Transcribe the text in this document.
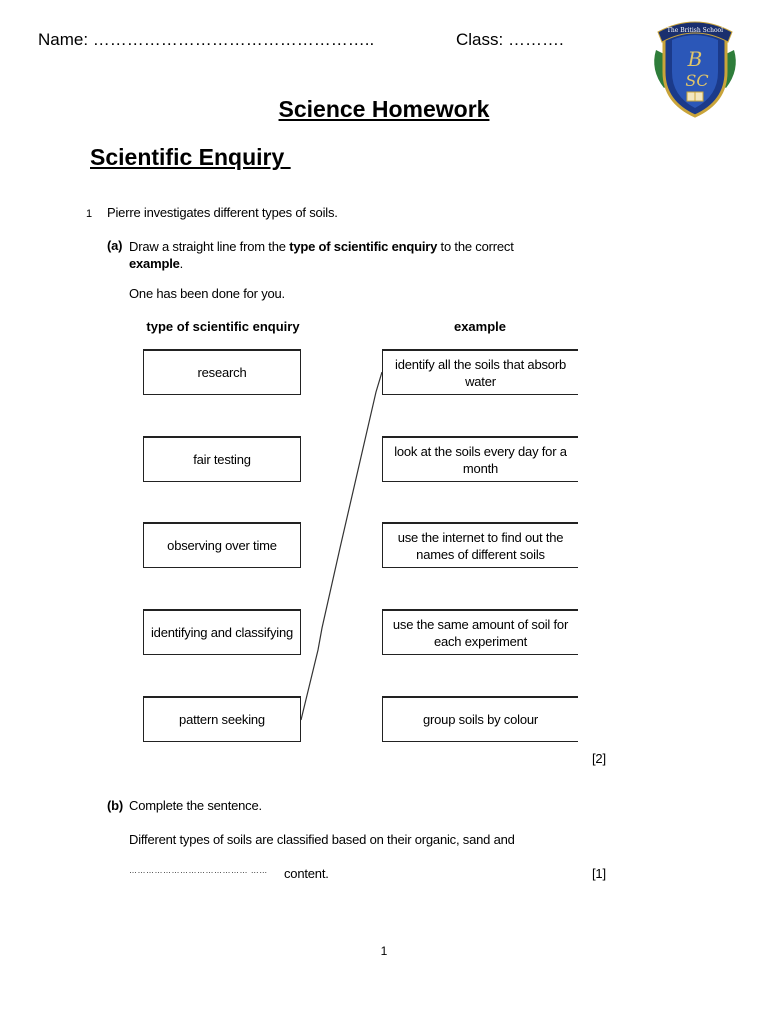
Name: …………………………………………..	Class: ……….	The British School
B
SC
Science Homework
Scientific Enquiry
1 Pierre investigates different types of soils.
(a) Draw a straight line from the type of scientific enquiry to the correct example.
One has been done for you.
type of scientific enquiry	example
research
fair testing
observing over time
identifying and classifying
pattern seeking
identify all the soils that absorb water
look at the soils every day for a month
use the internet to find out the names of different soils
use the same amount of soil for each experiment
group soils by colour
[2]
(b) Complete the sentence.
Different types of soils are classified based on their organic, sand and
…………………………………… …… content.	[1]
1
